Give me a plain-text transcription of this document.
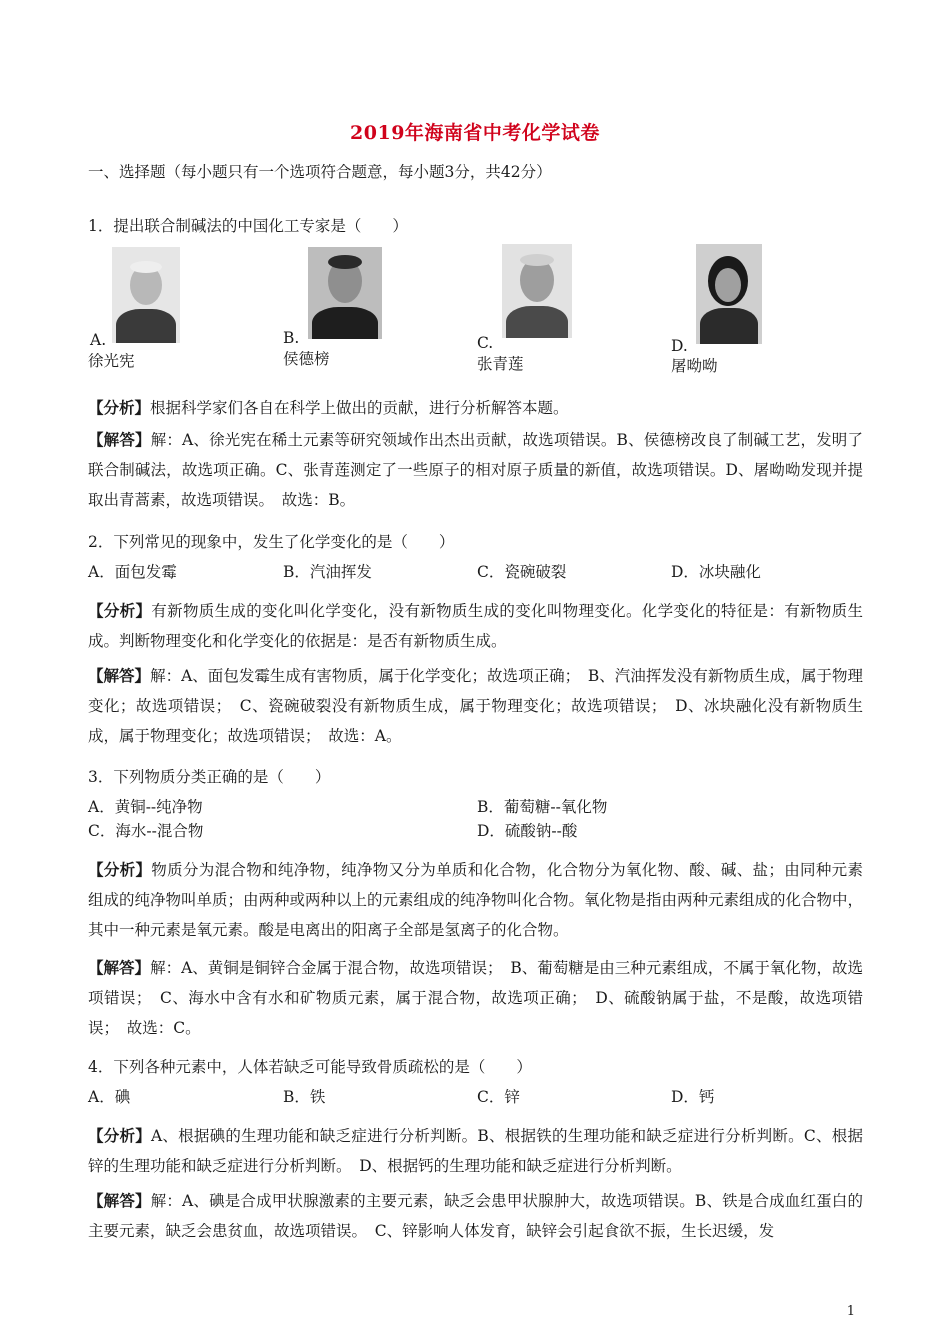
2019年海南省中考化学试卷
一、选择题（每小题只有一个选项符合题意，每小题3分，共42分）
1．提出联合制碱法的中国化工专家是（　　）
A.
徐光宪
B.
侯德榜
C.
张青莲
D.
屠呦呦
【分析】根据科学家们各自在科学上做出的贡献，进行分析解答本题。
【解答】解：A、徐光宪在稀土元素等研究领域作出杰出贡献，故选项错误。B、侯德榜改良了制碱工艺，发明了联合制碱法，故选项正确。C、张青莲测定了一些原子的相对原子质量的新值，故选项错误。D、屠呦呦发现并提取出青蒿素，故选项错误。　故选：B。
2．下列常见的现象中，发生了化学变化的是（　　）
A．面包发霉	B．汽油挥发	C．瓷碗破裂	D．冰块融化
【分析】有新物质生成的变化叫化学变化，没有新物质生成的变化叫物理变化。化学变化的特征是：有新物质生成。判断物理变化和化学变化的依据是：是否有新物质生成。
【解答】解：A、面包发霉生成有害物质，属于化学变化；故选项正确；　B、汽油挥发没有新物质生成，属于物理变化；故选项错误；　C、瓷碗破裂没有新物质生成，属于物理变化；故选项错误；　D、冰块融化没有新物质生成，属于物理变化；故选项错误；　故选：A。
3．下列物质分类正确的是（　　）
A．黄铜--纯净物	B．葡萄糖--氧化物
C．海水--混合物	D．硫酸钠--酸
【分析】物质分为混合物和纯净物，纯净物又分为单质和化合物，化合物分为氧化物、酸、碱、盐；由同种元素组成的纯净物叫单质；由两种或两种以上的元素组成的纯净物叫化合物。氧化物是指由两种元素组成的化合物中，其中一种元素是氧元素。酸是电离出的阳离子全部是氢离子的化合物。
【解答】解：A、黄铜是铜锌合金属于混合物，故选项错误；　B、葡萄糖是由三种元素组成，不属于氧化物，故选项错误；　C、海水中含有水和矿物质元素，属于混合物，故选项正确；　D、硫酸钠属于盐，不是酸，故选项错误；　故选：C。
4．下列各种元素中，人体若缺乏可能导致骨质疏松的是（　　）
A．碘	B．铁	C．锌	D．钙
【分析】A、根据碘的生理功能和缺乏症进行分析判断。B、根据铁的生理功能和缺乏症进行分析判断。C、根据锌的生理功能和缺乏症进行分析判断。　D、根据钙的生理功能和缺乏症进行分析判断。
【解答】解：A、碘是合成甲状腺激素的主要元素，缺乏会患甲状腺肿大，故选项错误。B、铁是合成血红蛋白的主要元素，缺乏会患贫血，故选项错误。　C、锌影响人体发育，缺锌会引起食欲不振，生长迟缓，发
1
